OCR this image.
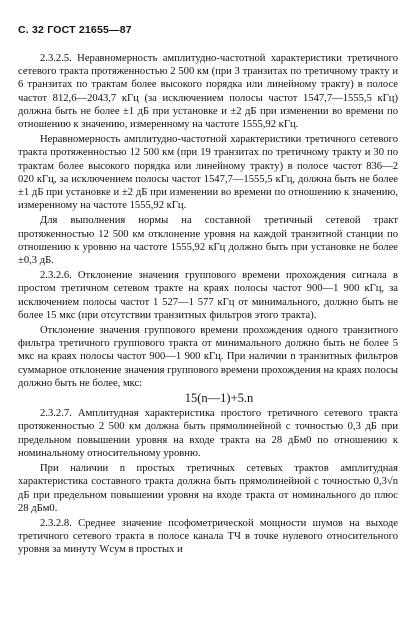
С. 32 ГОСТ 21655—87

2.3.2.5. Неравномерность амплитудно-частотной характеристики третичного сетевого тракта протяженностью 2 500 км (при 3 транзитах по третичному тракту и 6 транзитах по трактам более высокого порядка или линейному тракту) в полосе частот 812,6—2043,7 кГц (за исключением полосы частот 1547,7—1555,5 кГц) должна быть не более ±1 дБ при установке и ±2 дБ при изменении во времени по отношению к значению, измеренному на частоте 1555,92 кГц.

Неравномерность амплитудно-частотной характеристики третичного сетевого тракта протяженностью 12 500 км (при 19 транзитах по третичному тракту и 30 по трактам более высокого порядка или линейному тракту) в полосе частот 836—2 020 кГц, за исключением полосы частот 1547,7—1555,5 кГц, должна быть не более ±1 дБ при установке и ±2 дБ при изменении во времени по отношению к значению, измеренному на частоте 1555,92 кГц.

Для выполнения нормы на составной третичный сетевой тракт протяженностью 12 500 км отклонение уровня на каждой транзитной станции по отношению к уровню на частоте 1555,92 кГц должно быть при установке не более ±0,3 дБ.

2.3.2.6. Отклонение значения группового времени прохождения сигнала в простом третичном сетевом тракте на краях полосы частот 900—1 900 кГц, за исключением полосы частот 1 527—1 577 кГц от минимального, должно быть не более 15 мкс (при отсутствии транзитных фильтров этого тракта).

Отклонение значения группового времени прохождения одного транзитного фильтра третичного группового тракта от минимального должно быть не более 5 мкс на краях полосы частот 900—1 900 кГц. При наличии n транзитных фильтров суммарное отклонение значения группового времени прохождения на краях полосы должно быть не более, мкс:

15(n—1)+5.n

2.3.2.7. Амплитудная характеристика простого третичного сетевого тракта протяженностью 2 500 км должна быть прямолинейной с точностью 0,3 дБ при предельном повышении уровня на входе тракта на 28 дБм0 по отношению к номинальному относительному уровню.

При наличии n простых третичных сетевых трактов амплитудная характеристика составного тракта должна быть прямолинейной с точностью 0,3√n дБ при предельном повышении уровня на входе тракта от номинального до плюс 28 дБм0.

2.3.2.8. Среднее значение псофометрической мощности шумов на выходе третичного сетевого тракта в полосе канала ТЧ в точке нулевого относительного уровня за минуту Wсум в простых и
